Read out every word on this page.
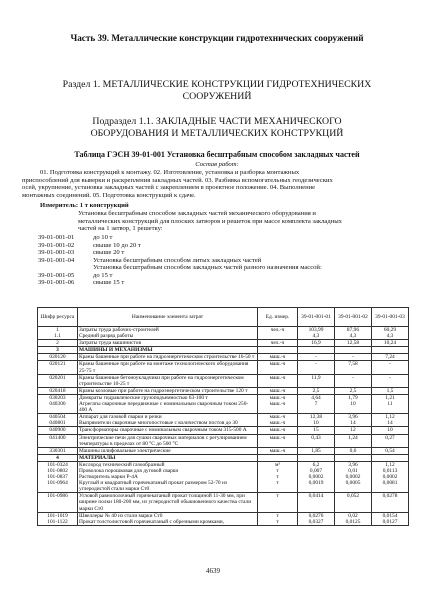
Часть 39. Металлические конструкции гидротехнических сооружений
Раздел 1. МЕТАЛЛИЧЕСКИЕ КОНСТРУКЦИИ ГИДРОТЕХНИЧЕСКИХ
СООРУЖЕНИЙ
Подраздел 1.1. ЗАКЛАДНЫЕ ЧАСТИ МЕХАНИЧЕСКОГО
ОБОРУДОВАНИЯ И МЕТАЛЛИЧЕСКИХ КОНСТРУКЦИЙ
Таблица ГЭСН 39-01-001 Установка бесштрабным способом закладных частей
Состав работ:
01. Подготовка конструкций к монтажу. 02. Изготовление, установка и разборка монтажных
приспособлений для выверки и раскрепления закладных частей. 03. Разбивка вспомогательных геодезических
осей, укрупнение, установка закладных частей с закреплением в проектное положение. 04. Выполнение
монтажных соединений. 05. Подготовка конструкций к сдаче.
Измеритель: 1 т конструкций
Установка бесштрабным способом закладных частей механического оборудования и
металлических конструкций для плоских затворов и решеток при массе комплекта закладных
частей на 1 затвор, 1 решетку:
39-01-001-01	до 10 т
39-01-001-02	свыше 10 до 20 т
39-01-001-03	свыше 20 т
39-01-001-04	Установка бесштрабным способом литых закладных частей
Установка бесштрабным способом закладных частей разного назначения массой:
39-01-001-05	до 15 т
39-01-001-06	свыше 15 т
Шифр ресурса	Наименование элемента затрат	Ед. измер.	39-01-001-01	39-01-001-02	39-01-001-03
1	Затраты труда рабочих-строителей	чел.-ч	103,99	87,96	60,29
1.1	Средний разряд работы		4,3	4,3	4,3
2	Затраты труда машинистов	чел.-ч	16,9	12,58	10,24
3	МАШИНЫ И МЕХАНИЗМЫ				
020120	Краны башенные при работе на гидроэнергетическом строительстве 16-50 т	маш.-ч	-	-	7,24
020121	Краны башенные при работе на монтаже технологического оборудования 25-75 т	маш.-ч	-	7,58	-
020201	Краны башенные бетоноукладчики при работе на гидроэнергетическом строительстве 10-25 т	маш.-ч	11,9	-	-
020418	Краны козловые при работе на гидроэнергетическом строительстве 120 т	маш.-ч	2,5	2,5	1,5
030203	Домкраты гидравлические грузоподъемностью 63-100 т	маш.-ч	4,64	1,79	1,21
040300	Агрегаты сварочные передвижные с номинальным сварочным током 250-400 А	маш.-ч	7	10	11
040504	Аппарат для газовой сварки и резки	маш.-ч	12,38	3,96	1,12
040801	Выпрямители сварочные многопостовые с количеством постов до 30	маш.-ч	10	14	14
040900	Трансформаторы сварочные с номинальным сварочным током 315-500 А	маш.-ч	15	12	10
041400	Электрические печи для сушки сварочных материалов с регулированием температуры в пределах от 80 °С до 500 °С	маш.-ч	0,43	1,24	0,27
330301	Машины шлифовальные электрические	маш.-ч	1,85	0,6	0,54
4	МАТЕРИАЛЫ				
101-0324	Кислород технический газообразный	м³	6,2	3,96	1,12
101-0802	Проволока порошковая для дуговой сварки	т	0,007	0,01	0,0113
101-0837	Растворитель марки Р-4А	т	0,0002	0,0002	0,0002
101-0964	Круглый и квадратный горячекатаный прокат размером 52-70 из углеродистой стали марки Ст0	т	0,0019	0,0005	0,0081
101-0986	Угловой равнополочный горячекатаный прокат толщиной 11-30 мм, при ширине полки 180-200 мм, из углеродистой обыкновенного качества стали марки Ст0	т	0,0414	0,052	0,0278
101-1019	Швеллеры № 40 из стали марки Ст0	т	0,0276	0,02	0,0154
101-1122	Прокат толстолистовой горячекатаный с обрезными кромками,	т	0,0327	0,0125	0,0127
4639
